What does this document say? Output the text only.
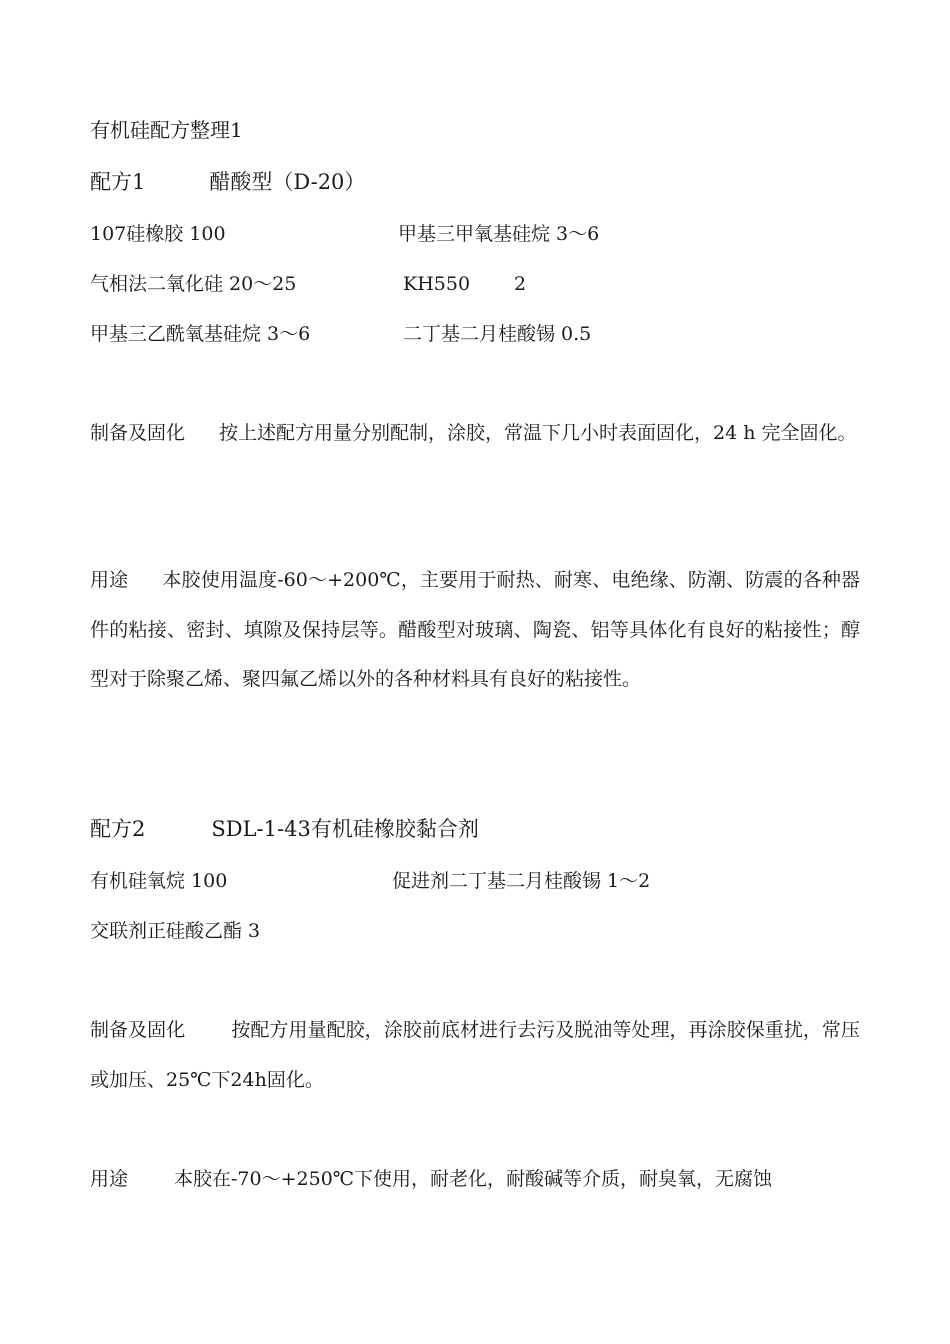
有机硅配方整理1
配方1	醋酸型（D-20）
107硅橡胶 100	甲基三甲氧基硅烷 3～6
气相法二氧化硅 20～25	KH550 2
甲基三乙酰氧基硅烷 3～6	二丁基二月桂酸锡 0.5
制备及固化 按上述配方用量分别配制，涂胶，常温下几小时表面固化，24 h 完全固化。
用途 本胶使用温度-60～+200℃，主要用于耐热、耐寒、电绝缘、防潮、防震的各种器件的粘接、密封、填隙及保持层等。醋酸型对玻璃、陶瓷、铝等具体化有良好的粘接性；醇型对于除聚乙烯、聚四氟乙烯以外的各种材料具有良好的粘接性。
配方2	SDL-1-43有机硅橡胶黏合剂
有机硅氧烷 100	促进剂二丁基二月桂酸锡 1～2
交联剂正硅酸乙酯 3
制备及固化 按配方用量配胶，涂胶前底材进行去污及脱油等处理，再涂胶保重扰，常压或加压、25℃下24h固化。
用途 本胶在-70～+250℃下使用，耐老化，耐酸碱等介质，耐臭氧，无腐蚀
